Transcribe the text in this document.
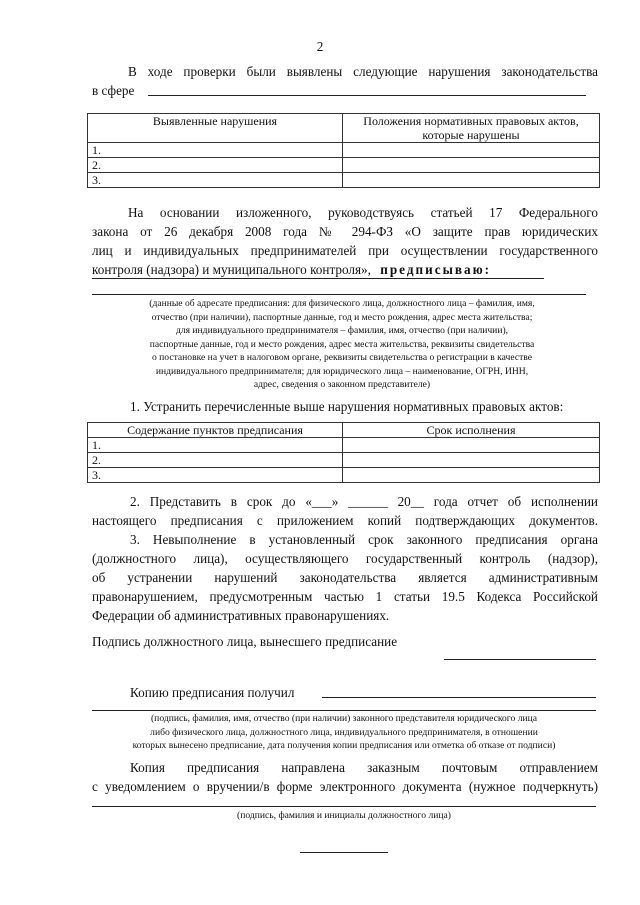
2
В ходе проверки были выявлены следующие нарушения законодательства
в сфере
Выявленные нарушения	Положения нормативных правовых актов, которые нарушены
1.	
2.	
3.	
На основании изложенного, руководствуясь статьей 17 Федерального
закона от 26 декабря 2008 года № 294-ФЗ «О защите прав юридических
лиц и индивидуальных предпринимателей при осуществлении государственного
контроля (надзора) и муниципального контроля», предписываю:
(данные об адресате предписания: для физического лица, должностного лица – фамилия, имя,
отчество (при наличии), паспортные данные, год и место рождения, адрес места жительства;
для индивидуального предпринимателя – фамилия, имя, отчество (при наличии),
паспортные данные, год и место рождения, адрес места жительства, реквизиты свидетельства
о постановке на учет в налоговом органе, реквизиты свидетельства о регистрации в качестве
индивидуального предпринимателя; для юридического лица – наименование, ОГРН, ИНН,
адрес, сведения о законном представителе)
1. Устранить перечисленные выше нарушения нормативных правовых актов:
Содержание пунктов предписания	Срок исполнения
1.	
2.	
3.	
2. Представить в срок до «___» ______ 20__ года отчет об исполнении
настоящего предписания с приложением копий подтверждающих документов.
3. Невыполнение в установленный срок законного предписания органа
(должностного лица), осуществляющего государственный контроль (надзор),
об устранении нарушений законодательства является административным
правонарушением, предусмотренным частью 1 статьи 19.5 Кодекса Российской
Федерации об административных правонарушениях.
Подпись должностного лица, вынесшего предписание
Копию предписания получил
(подпись, фамилия, имя, отчество (при наличии) законного представителя юридического лица
либо физического лица, должностного лица, индивидуального предпринимателя, в отношении
которых вынесено предписание, дата получения копии предписания или отметка об отказе от подписи)
Копия предписания направлена заказным почтовым отправлением
с уведомлением о вручении/в форме электронного документа (нужное подчеркнуть)
(подпись, фамилия и инициалы должностного лица)
